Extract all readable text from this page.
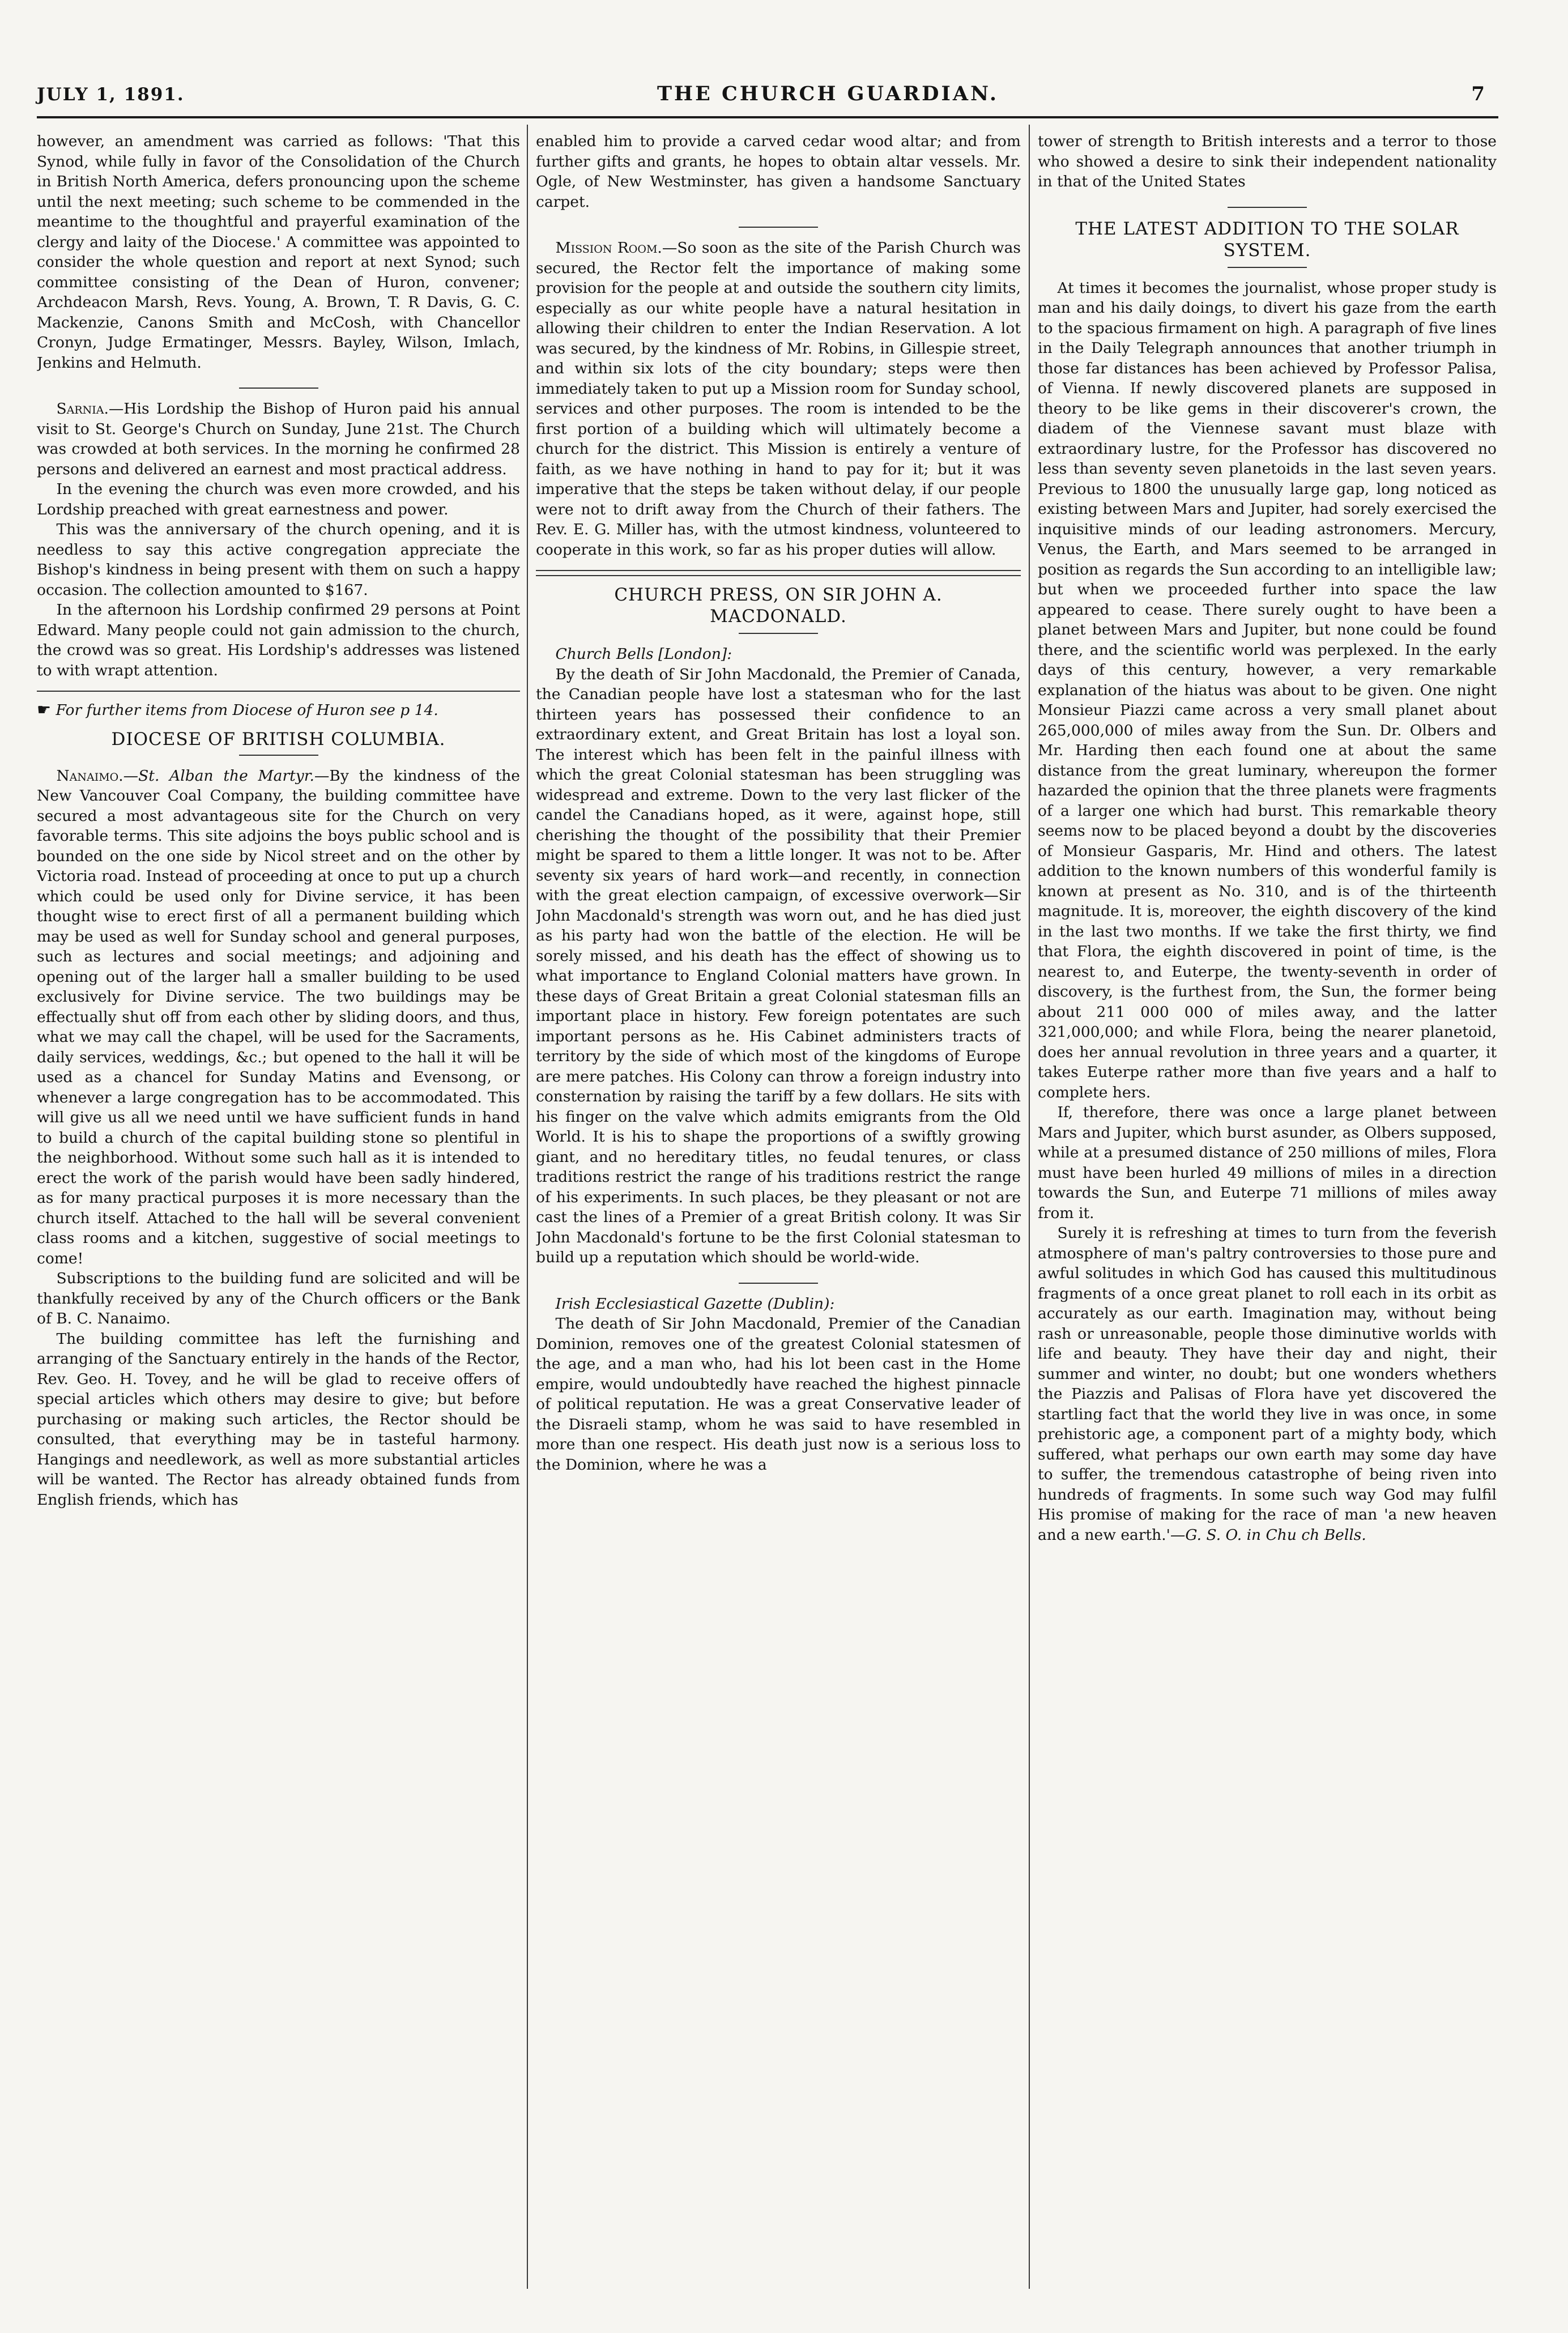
JULY 1, 1891.	THE CHURCH GUARDIAN.	7

however, an amendment was carried as follows: 'That this Synod, while fully in favor of the Consolidation of the Church in British North America, defers pronouncing upon the scheme until the next meeting; such scheme to be commended in the meantime to the thoughtful and prayerful examination of the clergy and laity of the Diocese.' A committee was appointed to consider the whole question and report at next Synod; such committee consisting of the Dean of Huron, convener; Archdeacon Marsh, Revs. Young, A. Brown, T. R Davis, G. C. Mackenzie, Canons Smith and McCosh, with Chancellor Cronyn, Judge Ermatinger, Messrs. Bayley, Wilson, Imlach, Jenkins and Helmuth.

Sarnia.—His Lordship the Bishop of Huron paid his annual visit to St. George's Church on Sunday, June 21st. The Church was crowded at both services. In the morning he confirmed 28 persons and delivered an earnest and most practical address.

In the evening the church was even more crowded, and his Lordship preached with great earnestness and power.

This was the anniversary of the church opening, and it is needless to say this active congregation appreciate the Bishop's kindness in being present with them on such a happy occasion. The collection amounted to $167.

In the afternoon his Lordship confirmed 29 persons at Point Edward. Many people could not gain admission to the church, the crowd was so great. His Lordship's addresses was listened to with wrapt attention.

☛ For further items from Diocese of Huron see p 14.

DIOCESE OF BRITISH COLUMBIA.

Nanaimo.—St. Alban the Martyr.—By the kindness of the New Vancouver Coal Company, the building committee have secured a most advantageous site for the Church on very favorable terms. This site adjoins the boys public school and is bounded on the one side by Nicol street and on the other by Victoria road. Instead of proceeding at once to put up a church which could be used only for Divine service, it has been thought wise to erect first of all a permanent building which may be used as well for Sunday school and general purposes, such as lectures and social meetings; and adjoining and opening out of the larger hall a smaller building to be used exclusively for Divine service. The two buildings may be effectually shut off from each other by sliding doors, and thus, what we may call the chapel, will be used for the Sacraments, daily services, weddings, &c.; but opened to the hall it will be used as a chancel for Sunday Matins and Evensong, or whenever a large congregation has to be accommodated. This will give us all we need until we have sufficient funds in hand to build a church of the capital building stone so plentiful in the neighborhood. Without some such hall as it is intended to erect the work of the parish would have been sadly hindered, as for many practical purposes it is more necessary than the church itself. Attached to the hall will be several convenient class rooms and a kitchen, suggestive of social meetings to come!

Subscriptions to the building fund are solicited and will be thankfully received by any of the Church officers or the Bank of B. C. Nanaimo.

The building committee has left the furnishing and arranging of the Sanctuary entirely in the hands of the Rector, Rev. Geo. H. Tovey, and he will be glad to receive offers of special articles which others may desire to give; but before purchasing or making such articles, the Rector should be consulted, that everything may be in tasteful harmony. Hangings and needlework, as well as more substantial articles will be wanted. The Rector has already obtained funds from English friends, which has

enabled him to provide a carved cedar wood altar; and from further gifts and grants, he hopes to obtain altar vessels. Mr. Ogle, of New Westminster, has given a handsome Sanctuary carpet.

Mission Room.—So soon as the site of the Parish Church was secured, the Rector felt the importance of making some provision for the people at and outside the southern city limits, especially as our white people have a natural hesitation in allowing their children to enter the Indian Reservation. A lot was secured, by the kindness of Mr. Robins, in Gillespie street, and within six lots of the city boundary; steps were then immediately taken to put up a Mission room for Sunday school, services and other purposes. The room is intended to be the first portion of a building which will ultimately become a church for the district. This Mission is entirely a venture of faith, as we have nothing in hand to pay for it; but it was imperative that the steps be taken without delay, if our people were not to drift away from the Church of their fathers. The Rev. E. G. Miller has, with the utmost kindness, volunteered to cooperate in this work, so far as his proper duties will allow.

CHURCH PRESS, ON SIR JOHN A. MACDONALD.

Church Bells [London]:

By the death of Sir John Macdonald, the Premier of Canada, the Canadian people have lost a statesman who for the last thirteen years has possessed their confidence to an extraordinary extent, and Great Britain has lost a loyal son. The interest which has been felt in the painful illness with which the great Colonial statesman has been struggling was widespread and extreme. Down to the very last flicker of the candel the Canadians hoped, as it were, against hope, still cherishing the thought of the possibility that their Premier might be spared to them a little longer. It was not to be. After seventy six years of hard work—and recently, in connection with the great election campaign, of excessive overwork—Sir John Macdonald's strength was worn out, and he has died just as his party had won the battle of the election. He will be sorely missed, and his death has the effect of showing us to what importance to England Colonial matters have grown. In these days of Great Britain a great Colonial statesman fills an important place in history. Few foreign potentates are such important persons as he. His Cabinet administers tracts of territory by the side of which most of the kingdoms of Europe are mere patches. His Colony can throw a foreign industry into consternation by raising the tariff by a few dollars. He sits with his finger on the valve which admits emigrants from the Old World. It is his to shape the proportions of a swiftly growing giant, and no hereditary titles, no feudal tenures, or class traditions restrict the range of his traditions restrict the range of his experiments. In such places, be they pleasant or not are cast the lines of a Premier of a great British colony. It was Sir John Macdonald's fortune to be the first Colonial statesman to build up a reputation which should be world-wide.

Irish Ecclesiastical Gazette (Dublin):

The death of Sir John Macdonald, Premier of the Canadian Dominion, removes one of the greatest Colonial statesmen of the age, and a man who, had his lot been cast in the Home empire, would undoubtedly have reached the highest pinnacle of political reputation. He was a great Conservative leader of the Disraeli stamp, whom he was said to have resembled in more than one respect. His death just now is a serious loss to the Dominion, where he was a

tower of strength to British interests and a terror to those who showed a desire to sink their independent nationality in that of the United States

THE LATEST ADDITION TO THE SOLAR SYSTEM.

At times it becomes the journalist, whose proper study is man and his daily doings, to divert his gaze from the earth to the spacious firmament on high. A paragraph of five lines in the Daily Telegraph announces that another triumph in those far distances has been achieved by Professor Palisa, of Vienna. If newly discovered planets are supposed in theory to be like gems in their discoverer's crown, the diadem of the Viennese savant must blaze with extraordinary lustre, for the Professor has discovered no less than seventy seven planetoids in the last seven years. Previous to 1800 the unusually large gap, long noticed as existing between Mars and Jupiter, had sorely exercised the inquisitive minds of our leading astronomers. Mercury, Venus, the Earth, and Mars seemed to be arranged in position as regards the Sun according to an intelligible law; but when we proceeded further into space the law appeared to cease. There surely ought to have been a planet between Mars and Jupiter, but none could be found there, and the scientific world was perplexed. In the early days of this century, however, a very remarkable explanation of the hiatus was about to be given. One night Monsieur Piazzi came across a very small planet about 265,000,000 of miles away from the Sun. Dr. Olbers and Mr. Harding then each found one at about the same distance from the great luminary, whereupon the former hazarded the opinion that the three planets were fragments of a larger one which had burst. This remarkable theory seems now to be placed beyond a doubt by the discoveries of Monsieur Gasparis, Mr. Hind and others. The latest addition to the known numbers of this wonderful family is known at present as No. 310, and is of the thirteenth magnitude. It is, moreover, the eighth discovery of the kind in the last two months. If we take the first thirty, we find that Flora, the eighth discovered in point of time, is the nearest to, and Euterpe, the twenty-seventh in order of discovery, is the furthest from, the Sun, the former being about 211 000 000 of miles away, and the latter 321,000,000; and while Flora, being the nearer planetoid, does her annual revolution in three years and a quarter, it takes Euterpe rather more than five years and a half to complete hers.

If, therefore, there was once a large planet between Mars and Jupiter, which burst asunder, as Olbers supposed, while at a presumed distance of 250 millions of miles, Flora must have been hurled 49 millions of miles in a direction towards the Sun, and Euterpe 71 millions of miles away from it.

Surely it is refreshing at times to turn from the feverish atmosphere of man's paltry controversies to those pure and awful solitudes in which God has caused this multitudinous fragments of a once great planet to roll each in its orbit as accurately as our earth. Imagination may, without being rash or unreasonable, people those diminutive worlds with life and beauty. They have their day and night, their summer and winter, no doubt; but one wonders whethers the Piazzis and Palisas of Flora have yet discovered the startling fact that the world they live in was once, in some prehistoric age, a component part of a mighty body, which suffered, what perhaps our own earth may some day have to suffer, the tremendous catastrophe of being riven into hundreds of fragments. In some such way God may fulfil His promise of making for the race of man 'a new heaven and a new earth.'—G. S. O. in Chu ch Bells.
